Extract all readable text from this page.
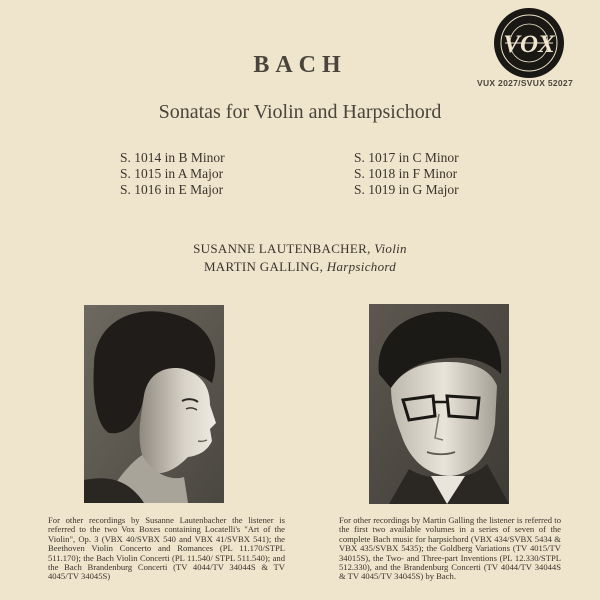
VOX
VUX 2027/SVUX 52027
BACH
Sonatas for Violin and Harpsichord
S. 1014 in B Minor
S. 1015 in A Major
S. 1016 in E Major
S. 1017 in C Minor
S. 1018 in F Minor
S. 1019 in G Major
SUSANNE LAUTENBACHER, Violin
MARTIN GALLING, Harpsichord
For other recordings by Susanne Lautenbacher the listener is referred to the two Vox Boxes containing Locatelli's "Art of the Violin", Op. 3 (VBX 40/SVBX 540 and VBX 41/SVBX 541); the Beethoven Violin Concerto and Romances (PL 11.170/STPL 511.170); the Bach Violin Concerti (PL 11.540/ STPL 511.540); and the Bach Brandenburg Concerti (TV 4044/TV 34044S & TV 4045/TV 34045S)
For other recordings by Martin Galling the listener is referred to the first two available volumes in a series of seven of the complete Bach music for harpsichord (VBX 434/SVBX 5434 & VBX 435/SVBX 5435); the Goldberg Variations (TV 4015/TV 34015S), the Two- and Three-part Inventions (PL 12.330/STPL 512.330), and the Brandenburg Concerti (TV 4044/TV 34044S & TV 4045/TV 34045S) by Bach.
